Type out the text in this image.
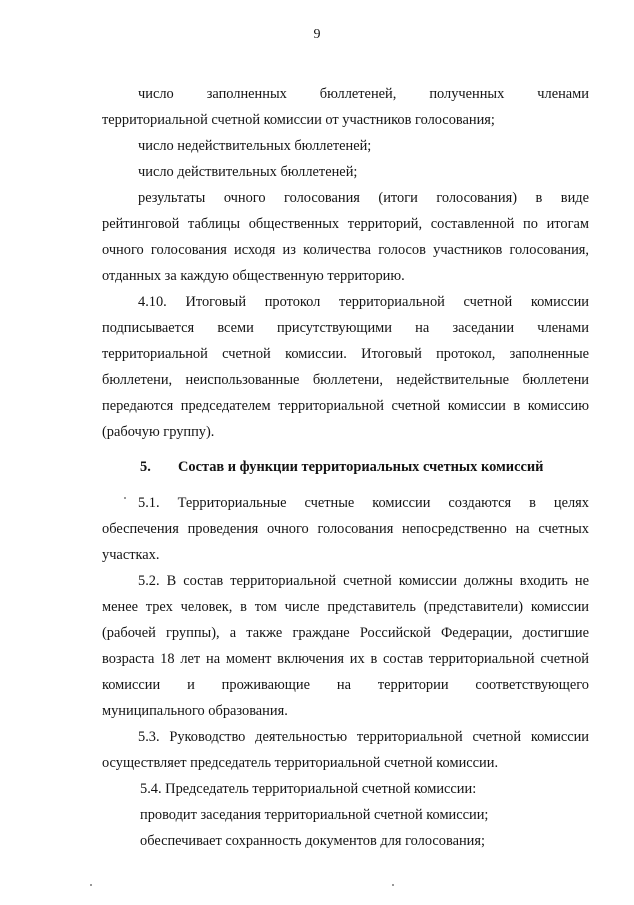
9
число заполненных бюллетеней, полученных членами
территориальной счетной комиссии от участников голосования;
число недействительных бюллетеней;
число действительных бюллетеней;
результаты очного голосования (итоги голосования) в виде
рейтинговой таблицы общественных территорий, составленной по итогам
очного голосования исходя из количества голосов участников голосования,
отданных за каждую общественную территорию.
4.10. Итоговый протокол территориальной счетной комиссии
подписывается всеми присутствующими на заседании членами
территориальной счетной комиссии. Итоговый протокол, заполненные
бюллетени, неиспользованные бюллетени, недействительные бюллетени
передаются председателем территориальной счетной комиссии в комиссию
(рабочую группу).
5. Состав и функции территориальных счетных комиссий
5.1. Территориальные счетные комиссии создаются в целях
обеспечения проведения очного голосования непосредственно на счетных
участках.
5.2. В состав территориальной счетной комиссии должны входить не
менее трех человек, в том числе представитель (представители) комиссии
(рабочей группы), а также граждане Российской Федерации, достигшие
возраста 18 лет на момент включения их в состав территориальной счетной
комиссии и проживающие на территории соответствующего
муниципального образования.
5.3. Руководство деятельностью территориальной счетной комиссии
осуществляет председатель территориальной счетной комиссии.
5.4. Председатель территориальной счетной комиссии:
проводит заседания территориальной счетной комиссии;
обеспечивает сохранность документов для голосования;
